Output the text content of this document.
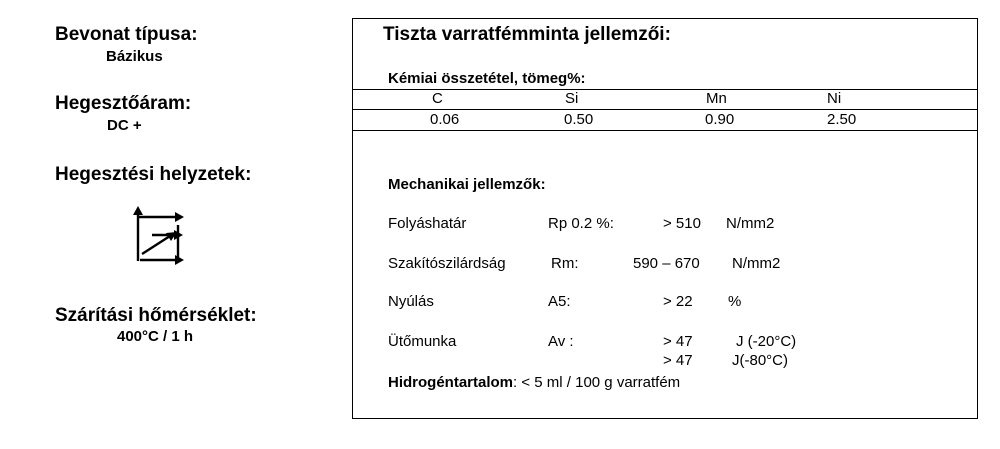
Bevonat típusa:
Bázikus
Hegesztőáram:
DC +
Hegesztési helyzetek:
Szárítási hőmérséklet:
400°C / 1 h
Tiszta varratfémminta jellemzői:
Kémiai összetétel, tömeg%:
C	Si	Mn	Ni
0.06	0.50	0.90	2.50
Mechanikai jellemzők:
Folyáshatár	Rp 0.2 %:	> 510 N/mm2
Szakítószilárdság	Rm:	590 – 670 N/mm2
Nyúlás	A5:	> 22 %
Ütőmunka	Av :	> 47	J (-20°C)
> 47	J(-80°C)
Hidrogéntartalom: < 5 ml / 100 g varratfém
